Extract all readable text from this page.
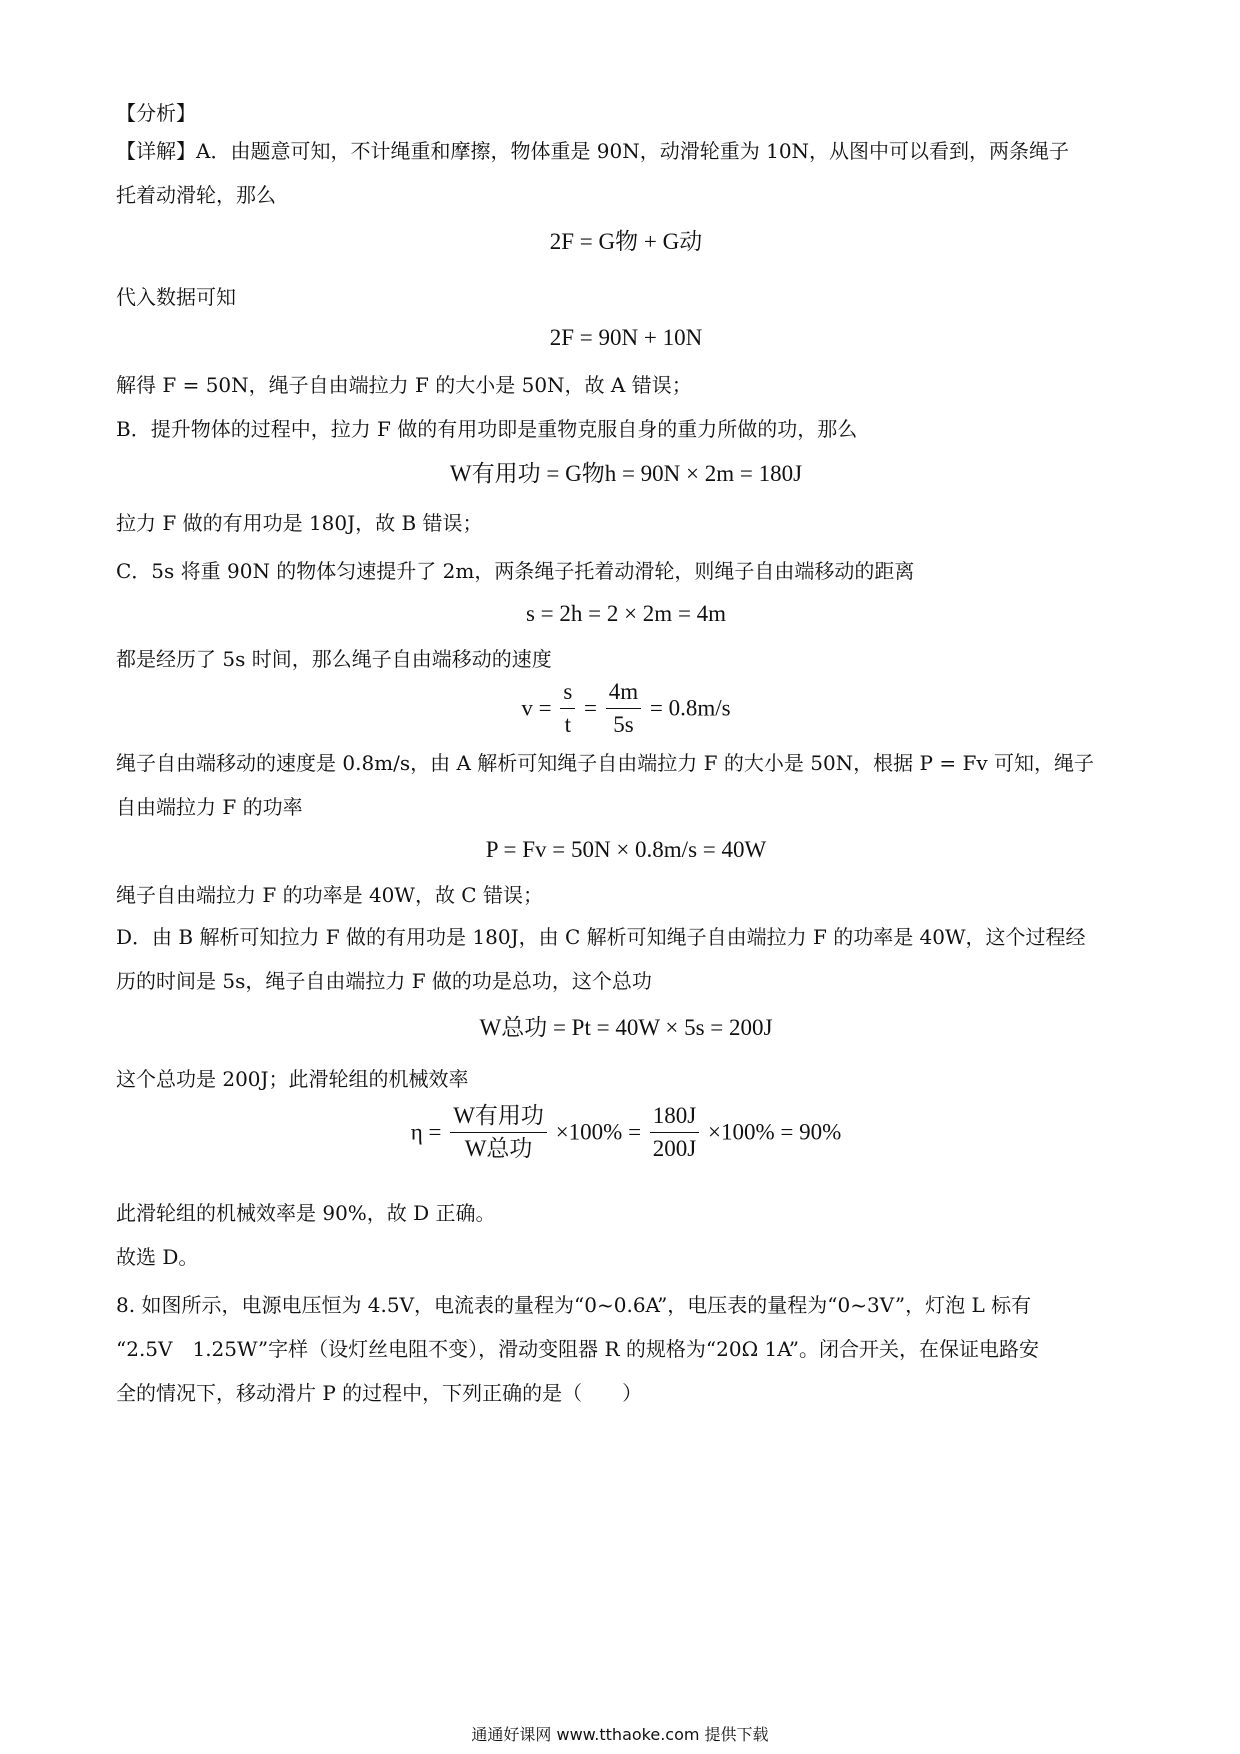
【分析】
【详解】A．由题意可知，不计绳重和摩擦，物体重是 90N，动滑轮重为 10N，从图中可以看到，两条绳子
托着动滑轮，那么
2F = G物 + G动
代入数据可知
2F = 90N + 10N
解得 F = 50N，绳子自由端拉力 F 的大小是 50N，故 A 错误；
B．提升物体的过程中，拉力 F 做的有用功即是重物克服自身的重力所做的功，那么
W有用功 = G物h = 90N × 2m = 180J
拉力 F 做的有用功是 180J，故 B 错误；
C．5s 将重 90N 的物体匀速提升了 2m，两条绳子托着动滑轮，则绳子自由端移动的距离
s = 2h = 2 × 2m = 4m
都是经历了 5s 时间，那么绳子自由端移动的速度
$v = \frac{s}{t} = \frac{4m}{5s} = 0.8m/s$
绳子自由端移动的速度是 0.8m/s，由 A 解析可知绳子自由端拉力 F 的大小是 50N，根据 P = Fv 可知，绳子
自由端拉力 F 的功率
P = Fv = 50N × 0.8m/s = 40W
绳子自由端拉力 F 的功率是 40W，故 C 错误；
D．由 B 解析可知拉力 F 做的有用功是 180J，由 C 解析可知绳子自由端拉力 F 的功率是 40W，这个过程经
历的时间是 5s，绳子自由端拉力 F 做的功是总功，这个总功
W总功 = Pt = 40W × 5s = 200J
这个总功是 200J；此滑轮组的机械效率
$\eta = \frac{\text{W有用功}}{\text{W总功}} \times 100\% = \frac{180J}{200J} \times 100\% = 90\%$
此滑轮组的机械效率是 90%，故 D 正确。
故选 D。
8. 如图所示，电源电压恒为 4.5V，电流表的量程为“0~0.6A”，电压表的量程为“0~3V”，灯泡 L 标有
“2.5V　1.25W”字样（设灯丝电阻不变），滑动变阻器 R 的规格为“20Ω 1A”。闭合开关，在保证电路安
全的情况下，移动滑片 P 的过程中，下列正确的是（　　）
通通好课网 www.tthaoke.com 提供下载
